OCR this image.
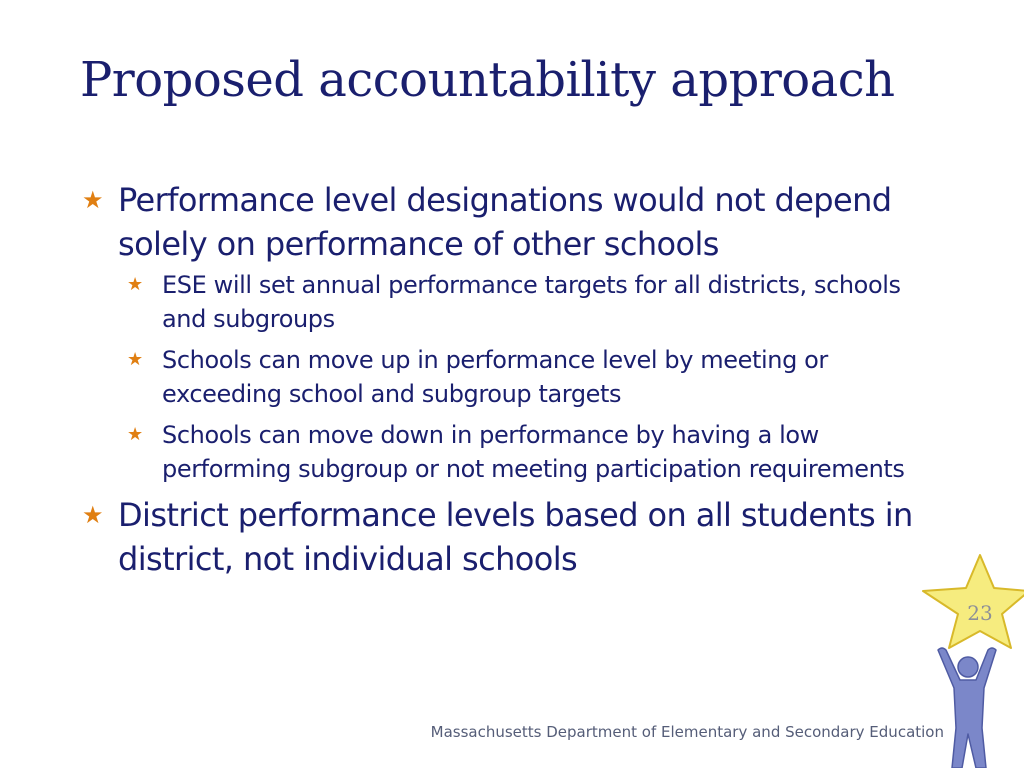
Proposed accountability approach
★ Performance level designations would not depend solely on performance of other schools
★ ESE will set annual performance targets for all districts, schools and subgroups
★ Schools can move up in performance level by meeting or exceeding school and subgroup targets
★ Schools can move down in performance by having a low performing subgroup or not meeting participation requirements
★ District performance levels based on all students in district, not individual schools
23
Massachusetts Department of Elementary and Secondary Education
